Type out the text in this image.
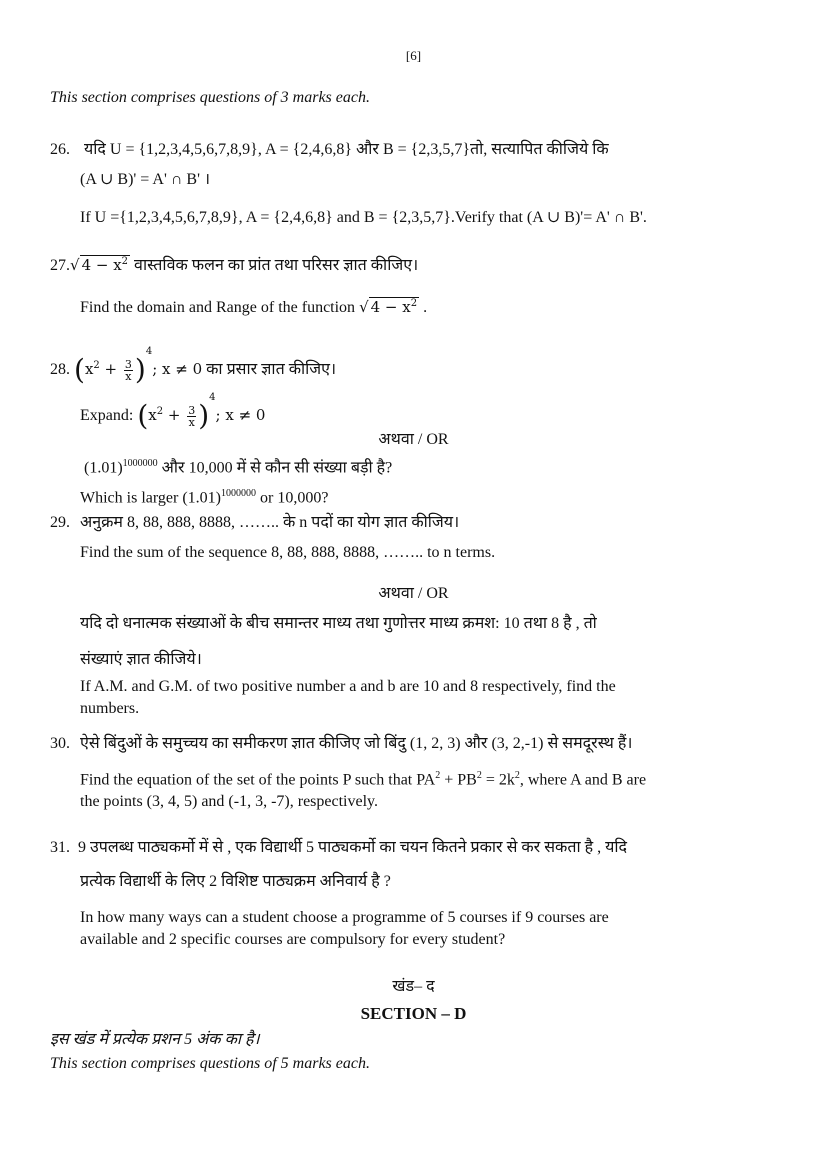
[6]
This section comprises questions of 3 marks each.
26. यदि U = {1,2,3,4,5,6,7,8,9}, A = {2,4,6,8} और B = {2,3,5,7}तो, सत्यापित कीजिये कि
(A ∪ B)' = A' ∩ B' ।
If U ={1,2,3,4,5,6,7,8,9}, A = {2,4,6,8} and B = {2,3,5,7}.Verify that (A ∪ B)'= A' ∩ B'.
27.√ $4 - x^2$ वास्तविक फलन का प्रांत तथा परिसर ज्ञात कीजिए।
Find the domain and Range of the function √ $4 - x^2$ .
28. $(x^2 + \frac{3}{x} )^4$; x ≠ 0 का प्रसार ज्ञात कीजिए।
Expand: $(x^2 + \frac{3}{x} )^4$; x ≠ 0
अथवा / OR
$(1.01)^{1000000}$ और 10,000 में से कौन सी संख्या बड़ी है?
Which is larger $(1.01)^{1000000}$ or 10,000?
29. अनुक्रम 8, 88, 888, 8888, …….. के n पदों का योग ज्ञात कीजिय।
Find the sum of the sequence 8, 88, 888, 8888, …….. to n terms.
अथवा / OR
यदि दो धनात्मक संख्याओं के बीच समान्तर माध्य तथा गुणोत्तर माध्य क्रमश: 10 तथा 8 है , तो
संख्याएं ज्ञात कीजिये।
If A.M. and G.M. of two positive number a and b are 10 and 8 respectively, find the
numbers.
30. ऐसे बिंदुओं के समुच्चय का समीकरण ज्ञात कीजिए जो बिंदु (1, 2, 3) और (3, 2,-1) से समदूरस्थ हैं।
Find the equation of the set of the points P such that $PA^2 + PB^2 = 2k^2$, where A and B are
the points (3, 4, 5) and (-1, 3, -7), respectively.
31. 9 उपलब्ध पाठ्यकर्मो में से , एक विद्यार्थी 5 पाठ्यकर्मो का चयन कितने प्रकार से कर सकता है , यदि
प्रत्येक विद्यार्थी के लिए 2 विशिष्ट पाठ्यक्रम अनिवार्य है ?
In how many ways can a student choose a programme of 5 courses if 9 courses are
available and 2 specific courses are compulsory for every student?
खंड– द
SECTION – D
इस खंड में प्रत्येक प्रशन 5 अंक का है।
This section comprises questions of 5 marks each.
